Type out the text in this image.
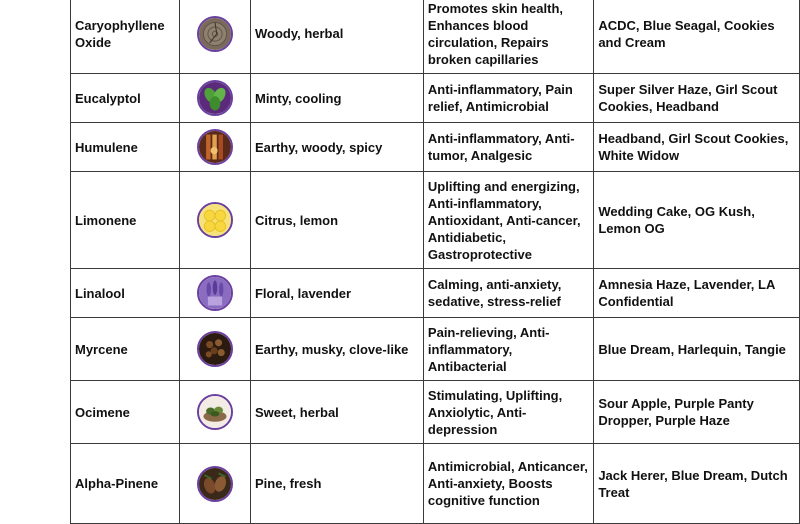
Caryophyllene Oxide		Woody, herbal	Promotes skin health, Enhances blood circulation, Repairs broken capillaries	ACDC, Blue Seagal, Cookies and Cream
Eucalyptol		Minty, cooling	Anti-inflammatory, Pain relief, Antimicrobial	Super Silver Haze, Girl Scout Cookies, Headband
Humulene		Earthy, woody, spicy	Anti-inflammatory, Anti-tumor, Analgesic	Headband, Girl Scout Cookies, White Widow
Limonene		Citrus, lemon	Uplifting and energizing, Anti-inflammatory, Antioxidant, Anti-cancer, Antidiabetic, Gastroprotective	Wedding Cake, OG Kush, Lemon OG
Linalool		Floral, lavender	Calming, anti-anxiety, sedative, stress-relief	Amnesia Haze, Lavender, LA Confidential
Myrcene		Earthy, musky, clove-like	Pain-relieving, Anti-inflammatory, Antibacterial	Blue Dream, Harlequin, Tangie
Ocimene		Sweet, herbal	Stimulating, Uplifting, Anxiolytic, Anti-depression	Sour Apple, Purple Panty Dropper, Purple Haze
Alpha-Pinene		Pine, fresh	Antimicrobial, Anticancer, Anti-anxiety, Boosts cognitive function	Jack Herer, Blue Dream, Dutch Treat
